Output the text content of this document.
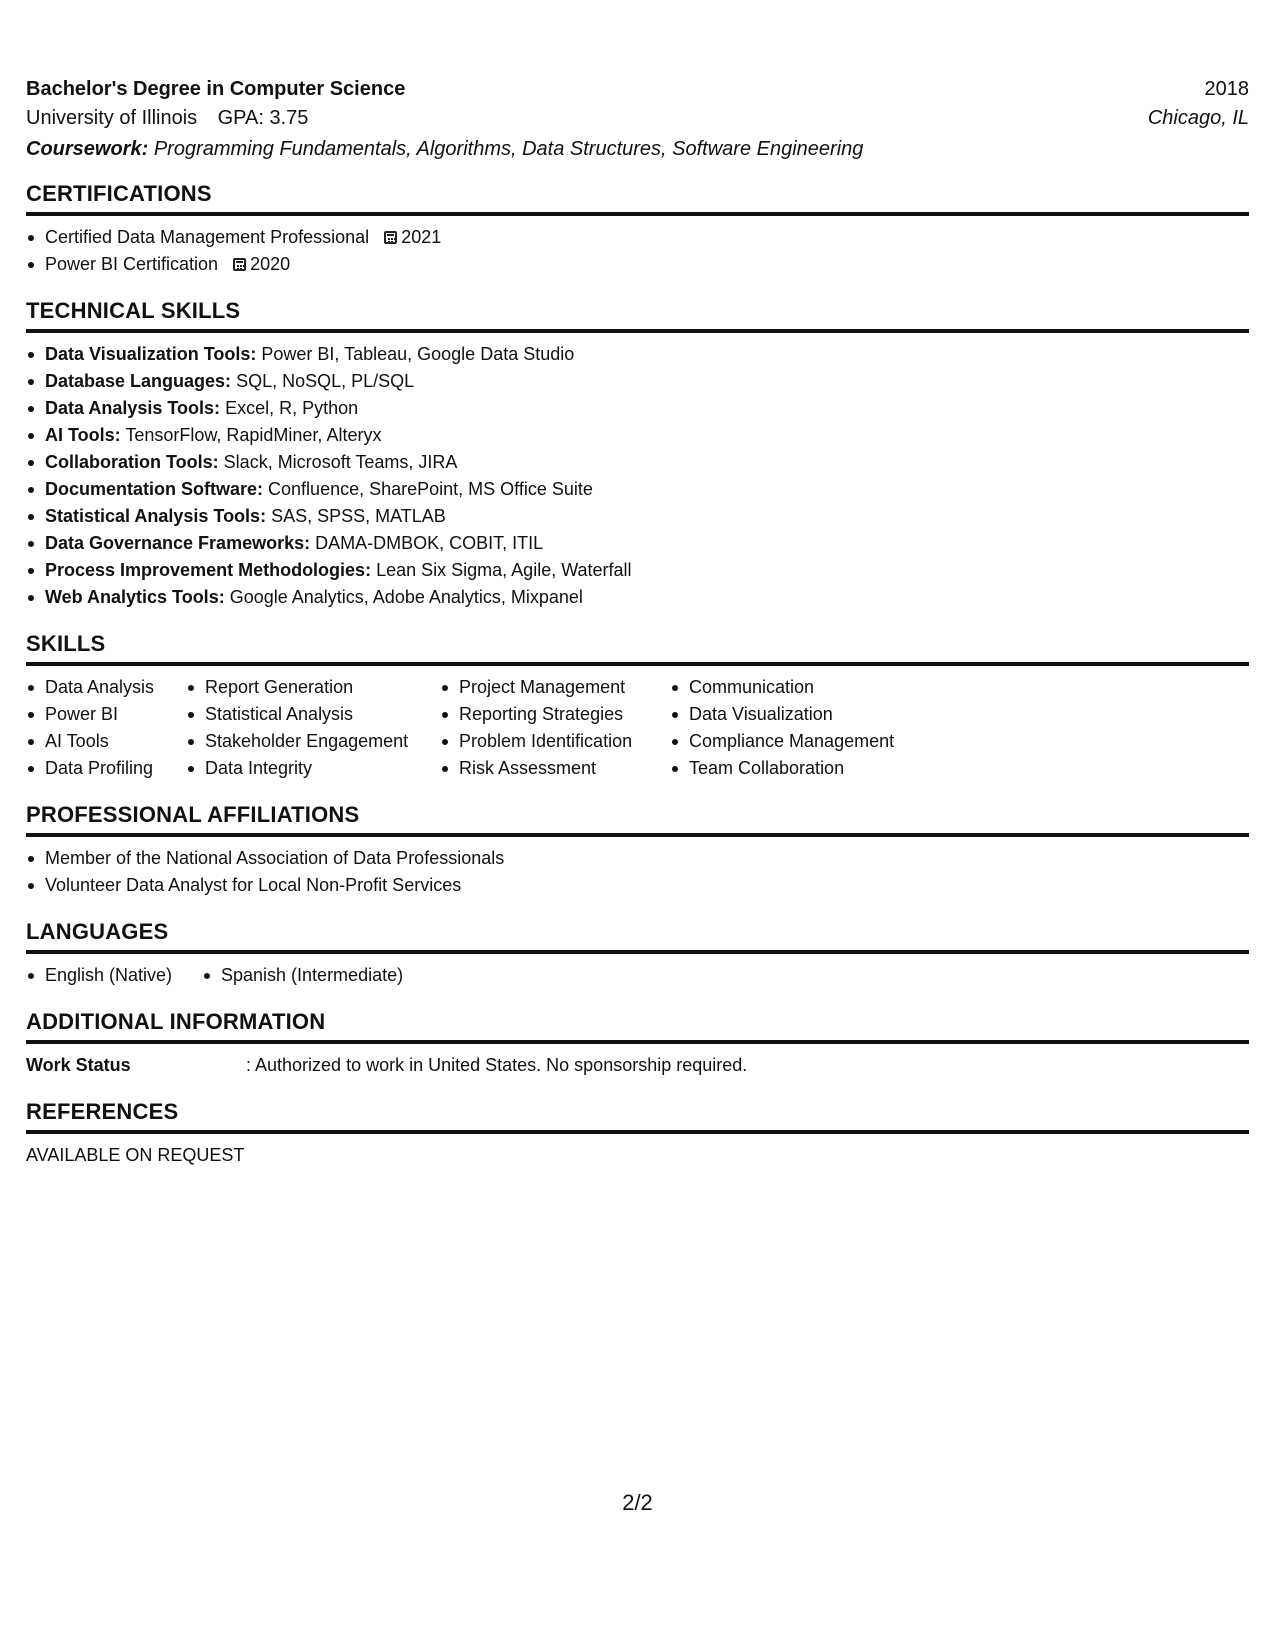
Bachelor's Degree in Computer Science	2018
University of Illinois GPA: 3.75	Chicago, IL
Coursework: Programming Fundamentals, Algorithms, Data Structures, Software Engineering
CERTIFICATIONS
Certified Data Management Professional 2021
Power BI Certification 2020
TECHNICAL SKILLS
Data Visualization Tools: Power BI, Tableau, Google Data Studio
Database Languages: SQL, NoSQL, PL/SQL
Data Analysis Tools: Excel, R, Python
AI Tools: TensorFlow, RapidMiner, Alteryx
Collaboration Tools: Slack, Microsoft Teams, JIRA
Documentation Software: Confluence, SharePoint, MS Office Suite
Statistical Analysis Tools: SAS, SPSS, MATLAB
Data Governance Frameworks: DAMA-DMBOK, COBIT, ITIL
Process Improvement Methodologies: Lean Six Sigma, Agile, Waterfall
Web Analytics Tools: Google Analytics, Adobe Analytics, Mixpanel
SKILLS
Data Analysis
Power BI
AI Tools
Data Profiling
Report Generation
Statistical Analysis
Stakeholder Engagement
Data Integrity
Project Management
Reporting Strategies
Problem Identification
Risk Assessment
Communication
Data Visualization
Compliance Management
Team Collaboration
PROFESSIONAL AFFILIATIONS
Member of the National Association of Data Professionals
Volunteer Data Analyst for Local Non-Profit Services
LANGUAGES
English (Native)	Spanish (Intermediate)
ADDITIONAL INFORMATION
Work Status	: Authorized to work in United States. No sponsorship required.
REFERENCES
AVAILABLE ON REQUEST
2/2
